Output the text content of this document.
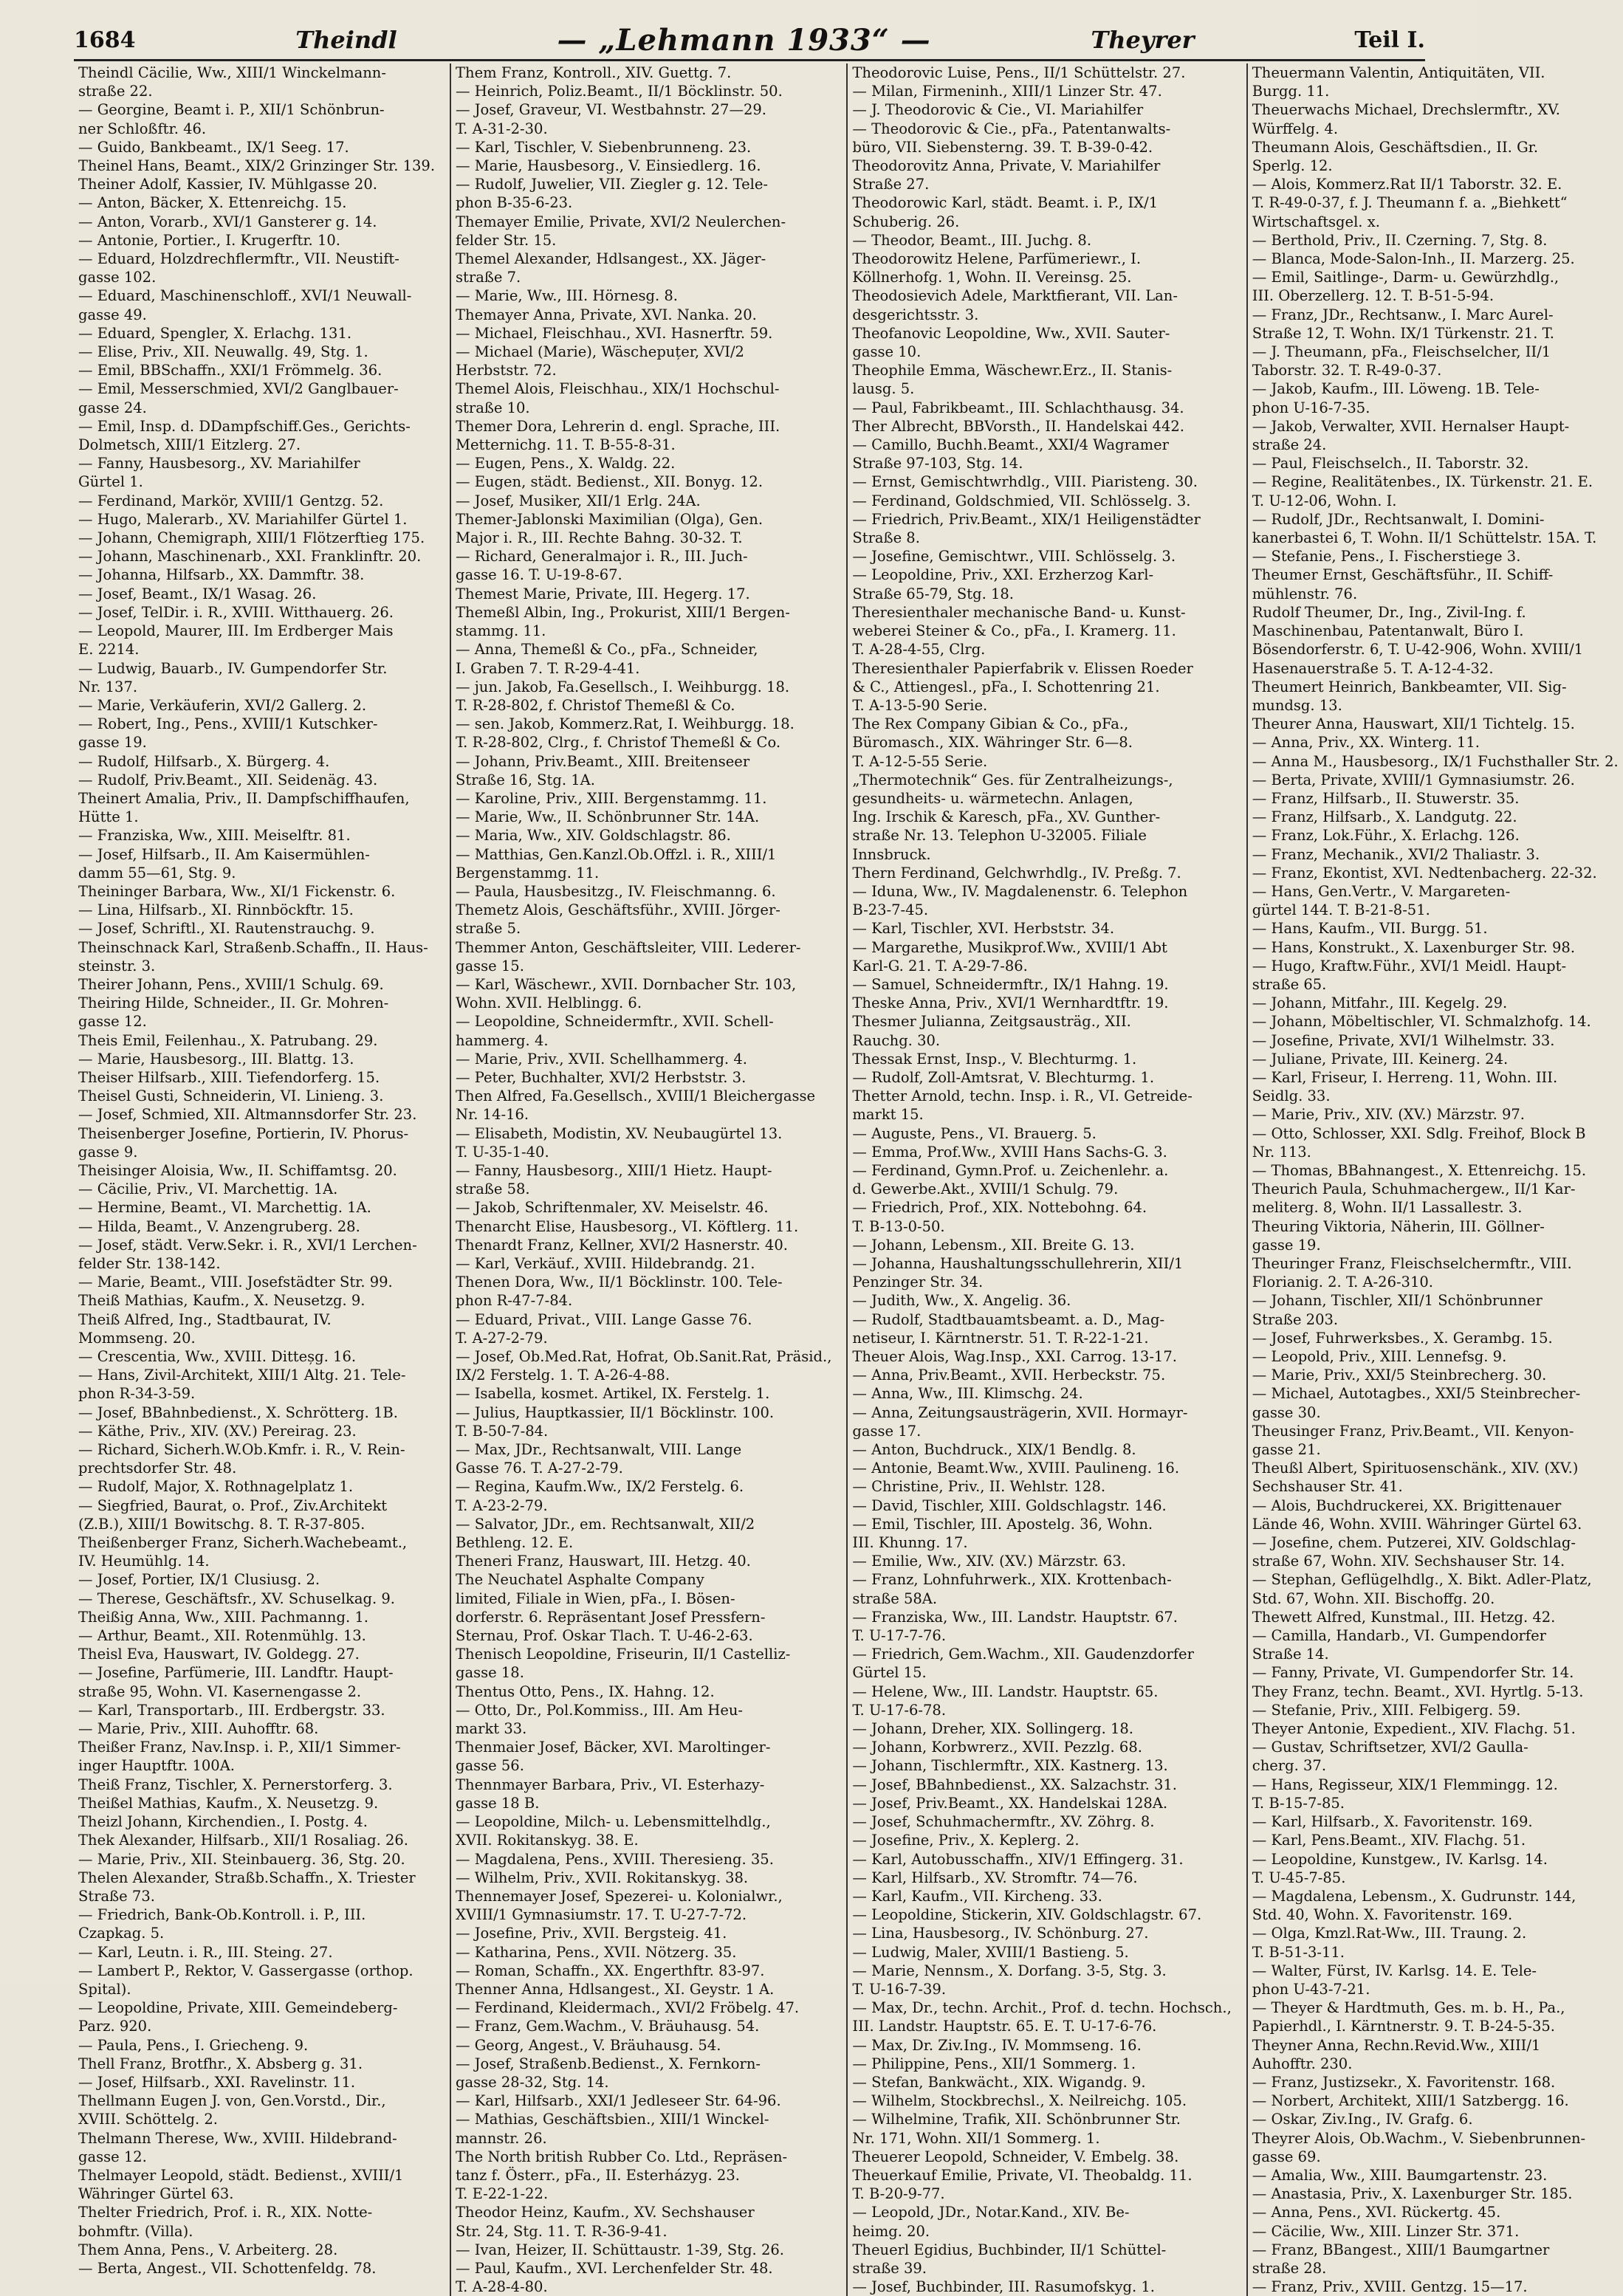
1684	Theindl	— „Lehmann 1933“ —	Theyrer	Teil I.
Theindl Cäcilie, Ww., XIII/1 Winckelmann-
straße 22.
— Georgine, Beamt i. P., XII/1 Schönbrun-
ner Schloßftr. 46.
— Guido, Bankbeamt., IX/1 Seeg. 17.
Theinel Hans, Beamt., XIX/2 Grinzinger Str. 139.
Theiner Adolf, Kassier, IV. Mühlgasse 20.
— Anton, Bäcker, X. Ettenreichg. 15.
— Anton, Vorarb., XVI/1 Gansterer g. 14.
— Antonie, Portier., I. Krugerftr. 10.
— Eduard, Holzdrechflermftr., VII. Neustift-
gasse 102.
— Eduard, Maschinenschloff., XVI/1 Neuwall-
gasse 49.
— Eduard, Spengler, X. Erlachg. 131.
— Elise, Priv., XII. Neuwallg. 49, Stg. 1.
— Emil, BBSchaffn., XXI/1 Frömmelg. 36.
— Emil, Messerschmied, XVI/2 Ganglbauer-
gasse 24.
— Emil, Insp. d. DDampfschiff.Ges., Gerichts-
Dolmetsch, XIII/1 Eitzlerg. 27.
— Fanny, Hausbesorg., XV. Mariahilfer
Gürtel 1.
— Ferdinand, Markör, XVIII/1 Gentzg. 52.
— Hugo, Malerarb., XV. Mariahilfer Gürtel 1.
— Johann, Chemigraph, XIII/1 Flötzerftieg 175.
— Johann, Maschinenarb., XXI. Franklinftr. 20.
— Johanna, Hilfsarb., XX. Dammftr. 38.
— Josef, Beamt., IX/1 Wasag. 26.
— Josef, TelDir. i. R., XVIII. Witthauerg. 26.
— Leopold, Maurer, III. Im Erdberger Mais
E. 2214.
— Ludwig, Bauarb., IV. Gumpendorfer Str.
Nr. 137.
— Marie, Verkäuferin, XVI/2 Gallerg. 2.
— Robert, Ing., Pens., XVIII/1 Kutschker-
gasse 19.
— Rudolf, Hilfsarb., X. Bürgerg. 4.
— Rudolf, Priv.Beamt., XII. Seidenäg. 43.
Theinert Amalia, Priv., II. Dampfschiffhaufen,
Hütte 1.
— Franziska, Ww., XIII. Meiselftr. 81.
— Josef, Hilfsarb., II. Am Kaisermühlen-
damm 55—61, Stg. 9.
Theininger Barbara, Ww., XI/1 Fickenstr. 6.
— Lina, Hilfsarb., XI. Rinnböckftr. 15.
— Josef, Schriftl., XI. Rautenstrauchg. 9.
Theinschnack Karl, Straßenb.Schaffn., II. Haus-
steinstr. 3.
Theirer Johann, Pens., XVIII/1 Schulg. 69.
Theiring Hilde, Schneider., II. Gr. Mohren-
gasse 12.
Theis Emil, Feilenhau., X. Patrubang. 29.
— Marie, Hausbesorg., III. Blattg. 13.
Theiser Hilfsarb., XIII. Tiefendorferg. 15.
Theisel Gusti, Schneiderin, VI. Linieng. 3.
— Josef, Schmied, XII. Altmannsdorfer Str. 23.
Theisenberger Josefine, Portierin, IV. Phorus-
gasse 9.
Theisinger Aloisia, Ww., II. Schiffamtsg. 20.
— Cäcilie, Priv., VI. Marchettig. 1A.
— Hermine, Beamt., VI. Marchettig. 1A.
— Hilda, Beamt., V. Anzengruberg. 28.
— Josef, städt. Verw.Sekr. i. R., XVI/1 Lerchen-
felder Str. 138-142.
— Marie, Beamt., VIII. Josefstädter Str. 99.
Theiß Mathias, Kaufm., X. Neusetzg. 9.
Theiß Alfred, Ing., Stadtbaurat, IV.
Mommseng. 20.
— Crescentia, Ww., XVIII. Ditteșg. 16.
— Hans, Zivil-Architekt, XIII/1 Altg. 21. Tele-
phon R-34-3-59.
— Josef, BBahnbedienst., X. Schrötterg. 1B.
— Käthe, Priv., XIV. (XV.) Pereirag. 23.
— Richard, Sicherh.W.Ob.Kmfr. i. R., V. Rein-
prechtsdorfer Str. 48.
— Rudolf, Major, X. Rothnagelplatz 1.
— Siegfried, Baurat, o. Prof., Ziv.Architekt
(Z.B.), XIII/1 Bowitschg. 8. T. R-37-805.
Theißenberger Franz, Sicherh.Wachebeamt.,
IV. Heumühlg. 14.
— Josef, Portier, IX/1 Clusiusg. 2.
— Therese, Geschäftsfr., XV. Schuselkag. 9.
Theißig Anna, Ww., XIII. Pachmanng. 1.
— Arthur, Beamt., XII. Rotenmühlg. 13.
Theisl Eva, Hauswart, IV. Goldegg. 27.
— Josefine, Parfümerie, III. Landftr. Haupt-
straße 95, Wohn. VI. Kasernengasse 2.
— Karl, Transportarb., III. Erdbergstr. 33.
— Marie, Priv., XIII. Auhofftr. 68.
Theißer Franz, Nav.Insp. i. P., XII/1 Simmer-
inger Hauptftr. 100A.
Theiß Franz, Tischler, X. Pernerstorferg. 3.
Theißel Mathias, Kaufm., X. Neusetzg. 9.
Theizl Johann, Kirchendien., I. Postg. 4.
Thek Alexander, Hilfsarb., XII/1 Rosaliag. 26.
— Marie, Priv., XII. Steinbauerg. 36, Stg. 20.
Thelen Alexander, Straßb.Schaffn., X. Triester
Straße 73.
— Friedrich, Bank-Ob.Kontroll. i. P., III.
Czapkag. 5.
— Karl, Leutn. i. R., III. Steing. 27.
— Lambert P., Rektor, V. Gassergasse (orthop.
Spital).
— Leopoldine, Private, XIII. Gemeindeberg-
Parz. 920.
— Paula, Pens., I. Griecheng. 9.
Thell Franz, Brotfhr., X. Absberg g. 31.
— Josef, Hilfsarb., XXI. Ravelinstr. 11.
Thellmann Eugen J. von, Gen.Vorstd., Dir.,
XVIII. Schöttelg. 2.
Thelmann Therese, Ww., XVIII. Hildebrand-
gasse 12.
Thelmayer Leopold, städt. Bedienst., XVIII/1
Währinger Gürtel 63.
Thelter Friedrich, Prof. i. R., XIX. Notte-
bohmftr. (Villa).
Them Anna, Pens., V. Arbeiterg. 28.
— Berta, Angest., VII. Schottenfeldg. 78.
Them Franz, Kontroll., XIV. Guettg. 7.
— Heinrich, Poliz.Beamt., II/1 Böcklinstr. 50.
— Josef, Graveur, VI. Westbahnstr. 27—29.
T. A-31-2-30.
— Karl, Tischler, V. Siebenbrunneng. 23.
— Marie, Hausbesorg., V. Einsiedlerg. 16.
— Rudolf, Juwelier, VII. Ziegler g. 12. Tele-
phon B-35-6-23.
Themayer Emilie, Private, XVI/2 Neulerchen-
felder Str. 15.
Themel Alexander, Hdlsangest., XX. Jäger-
straße 7.
— Marie, Ww., III. Hörnesg. 8.
Themayer Anna, Private, XVI. Nanka. 20.
— Michael, Fleischhau., XVI. Hasnerftr. 59.
— Michael (Marie), Wäschepuțer, XVI/2
Herbststr. 72.
Themel Alois, Fleischhau., XIX/1 Hochschul-
straße 10.
Themer Dora, Lehrerin d. engl. Sprache, III.
Metternichg. 11. T. B-55-8-31.
— Eugen, Pens., X. Waldg. 22.
— Eugen, städt. Bedienst., XII. Bonyg. 12.
— Josef, Musiker, XII/1 Erlg. 24A.
Themer-Jablonski Maximilian (Olga), Gen.
Major i. R., III. Rechte Bahng. 30-32. T.
— Richard, Generalmajor i. R., III. Juch-
gasse 16. T. U-19-8-67.
Themest Marie, Private, III. Hegerg. 17.
Themeßl Albin, Ing., Prokurist, XIII/1 Bergen-
stammg. 11.
— Anna, Themeßl & Co., pFa., Schneider,
I. Graben 7. T. R-29-4-41.
— jun. Jakob, Fa.Gesellsch., I. Weihburgg. 18.
T. R-28-802, f. Christof Themeßl & Co.
— sen. Jakob, Kommerz.Rat, I. Weihburgg. 18.
T. R-28-802, Clrg., f. Christof Themeßl & Co.
— Johann, Priv.Beamt., XIII. Breitenseer
Straße 16, Stg. 1A.
— Karoline, Priv., XIII. Bergenstammg. 11.
— Marie, Ww., II. Schönbrunner Str. 14A.
— Maria, Ww., XIV. Goldschlagstr. 86.
— Matthias, Gen.Kanzl.Ob.Offzl. i. R., XIII/1
Bergenstammg. 11.
— Paula, Hausbesitzg., IV. Fleischmanng. 6.
Themetz Alois, Geschäftsführ., XVIII. Jörger-
straße 5.
Themmer Anton, Geschäftsleiter, VIII. Lederer-
gasse 15.
— Karl, Wäschewr., XVII. Dornbacher Str. 103,
Wohn. XVII. Helblingg. 6.
— Leopoldine, Schneidermftr., XVII. Schell-
hammerg. 4.
— Marie, Priv., XVII. Schellhammerg. 4.
— Peter, Buchhalter, XVI/2 Herbststr. 3.
Then Alfred, Fa.Gesellsch., XVIII/1 Bleichergasse
Nr. 14-16.
— Elisabeth, Modistin, XV. Neubaugürtel 13.
T. U-35-1-40.
— Fanny, Hausbesorg., XIII/1 Hietz. Haupt-
straße 58.
— Jakob, Schriftenmaler, XV. Meiselstr. 46.
Thenarcht Elise, Hausbesorg., VI. Köftlerg. 11.
Thenardt Franz, Kellner, XVI/2 Hasnerstr. 40.
— Karl, Verkäuf., XVIII. Hildebrandg. 21.
Thenen Dora, Ww., II/1 Böcklinstr. 100. Tele-
phon R-47-7-84.
— Eduard, Privat., VIII. Lange Gasse 76.
T. A-27-2-79.
— Josef, Ob.Med.Rat, Hofrat, Ob.Sanit.Rat, Präsid.,
IX/2 Ferstelg. 1. T. A-26-4-88.
— Isabella, kosmet. Artikel, IX. Ferstelg. 1.
— Julius, Hauptkassier, II/1 Böcklinstr. 100.
T. B-50-7-84.
— Max, JDr., Rechtsanwalt, VIII. Lange
Gasse 76. T. A-27-2-79.
— Regina, Kaufm.Ww., IX/2 Ferstelg. 6.
T. A-23-2-79.
— Salvator, JDr., em. Rechtsanwalt, XII/2
Bethleng. 12. E.
Theneri Franz, Hauswart, III. Hetzg. 40.
The Neuchatel Asphalte Company
limited, Filiale in Wien, pFa., I. Bösen-
dorferstr. 6. Repräsentant Josef Pressfern-
Sternau, Prof. Oskar Tlach. T. U-46-2-63.
Thenisch Leopoldine, Friseurin, II/1 Castelliz-
gasse 18.
Thentus Otto, Pens., IX. Hahng. 12.
— Otto, Dr., Pol.Kommiss., III. Am Heu-
markt 33.
Thenmaier Josef, Bäcker, XVI. Maroltinger-
gasse 56.
Thennmayer Barbara, Priv., VI. Esterhazy-
gasse 18 B.
— Leopoldine, Milch- u. Lebensmittelhdlg.,
XVII. Rokitanskyg. 38. E.
— Magdalena, Pens., XVIII. Theresieng. 35.
— Wilhelm, Priv., XVII. Rokitanskyg. 38.
Thennemayer Josef, Spezerei- u. Kolonialwr.,
XVIII/1 Gymnasiumstr. 17. T. U-27-7-72.
— Josefine, Priv., XVII. Bergsteig. 41.
— Katharina, Pens., XVII. Nötzerg. 35.
— Roman, Schaffn., XX. Engerthftr. 83-97.
Thenner Anna, Hdlsangest., XI. Geystr. 1 A.
— Ferdinand, Kleidermach., XVI/2 Fröbelg. 47.
— Franz, Gem.Wachm., V. Bräuhausg. 54.
— Georg, Angest., V. Bräuhausg. 54.
— Josef, Straßenb.Bedienst., X. Fernkorn-
gasse 28-32, Stg. 14.
— Karl, Hilfsarb., XXI/1 Jedleseer Str. 64-96.
— Mathias, Geschäftsbien., XIII/1 Winckel-
mannstr. 26.
The North british Rubber Co. Ltd., Repräsen-
tanz f. Österr., pFa., II. Esterházyg. 23.
T. E-22-1-22.
Theodor Heinz, Kaufm., XV. Sechshauser
Str. 24, Stg. 11. T. R-36-9-41.
— Ivan, Heizer, II. Schüttaustr. 1-39, Stg. 26.
— Paul, Kaufm., XVI. Lerchenfelder Str. 48.
T. A-28-4-80.
Theodorovic Luise, Pens., II/1 Schüttelstr. 27.
— Milan, Firmeninh., XIII/1 Linzer Str. 47.
— J. Theodorovic & Cie., VI. Mariahilfer
— Theodorovic & Cie., pFa., Patentanwalts-
büro, VII. Siebensterng. 39. T. B-39-0-42.
Theodorovitz Anna, Private, V. Mariahilfer
Straße 27.
Theodorowic Karl, städt. Beamt. i. P., IX/1
Schuberig. 26.
— Theodor, Beamt., III. Juchg. 8.
Theodorowitz Helene, Parfümeriewr., I.
Köllnerhofg. 1, Wohn. II. Vereinsg. 25.
Theodosievich Adele, Marktfierant, VII. Lan-
desgerichtsstr. 3.
Theofanovic Leopoldine, Ww., XVII. Sauter-
gasse 10.
Theophile Emma, Wäschewr.Erz., II. Stanis-
lausg. 5.
— Paul, Fabrikbeamt., III. Schlachthausg. 34.
Ther Albrecht, BBVorsth., II. Handelskai 442.
— Camillo, Buchh.Beamt., XXI/4 Wagramer
Straße 97-103, Stg. 14.
— Ernst, Gemischtwrhdlg., VIII. Piaristeng. 30.
— Ferdinand, Goldschmied, VII. Schlösselg. 3.
— Friedrich, Priv.Beamt., XIX/1 Heiligenstädter
Straße 8.
— Josefine, Gemischtwr., VIII. Schlösselg. 3.
— Leopoldine, Priv., XXI. Erzherzog Karl-
Straße 65-79, Stg. 18.
Theresienthaler mechanische Band- u. Kunst-
weberei Steiner & Co., pFa., I. Kramerg. 11.
T. A-28-4-55, Clrg.
Theresienthaler Papierfabrik v. Elissen Roeder
& C., Attiengesl., pFa., I. Schottenring 21.
T. A-13-5-90 Serie.
The Rex Company Gibian & Co., pFa.,
Büromasch., XIX. Währinger Str. 6—8.
T. A-12-5-55 Serie.
„Thermotechnik“ Ges. für Zentralheizungs-,
gesundheits- u. wärmetechn. Anlagen,
Ing. Irschik & Karesch, pFa., XV. Gunther-
straße Nr. 13. Telephon U-32005. Filiale
Innsbruck.
Thern Ferdinand, Gelchwrhdlg., IV. Preßg. 7.
— Iduna, Ww., IV. Magdalenenstr. 6. Telephon
B-23-7-45.
— Karl, Tischler, XVI. Herbststr. 34.
— Margarethe, Musikprof.Ww., XVIII/1 Abt
Karl-G. 21. T. A-29-7-86.
— Samuel, Schneidermftr., IX/1 Hahng. 19.
Theske Anna, Priv., XVI/1 Wernhardtftr. 19.
Thesmer Julianna, Zeitgsausträg., XII.
Rauchg. 30.
Thessak Ernst, Insp., V. Blechturmg. 1.
— Rudolf, Zoll-Amtsrat, V. Blechturmg. 1.
Thetter Arnold, techn. Insp. i. R., VI. Getreide-
markt 15.
— Auguste, Pens., VI. Brauerg. 5.
— Emma, Prof.Ww., XVIII Hans Sachs-G. 3.
— Ferdinand, Gymn.Prof. u. Zeichenlehr. a.
d. Gewerbe.Akt., XVIII/1 Schulg. 79.
— Friedrich, Prof., XIX. Nottebohng. 64.
T. B-13-0-50.
— Johann, Lebensm., XII. Breite G. 13.
— Johanna, Haushaltungsschullehrerin, XII/1
Penzinger Str. 34.
— Judith, Ww., X. Angelig. 36.
— Rudolf, Stadtbauamtsbeamt. a. D., Mag-
netiseur, I. Kärntnerstr. 51. T. R-22-1-21.
Theuer Alois, Wag.Insp., XXI. Carrog. 13-17.
— Anna, Priv.Beamt., XVII. Herbeckstr. 75.
— Anna, Ww., III. Klimschg. 24.
— Anna, Zeitungsausträgerin, XVII. Hormayr-
gasse 17.
— Anton, Buchdruck., XIX/1 Bendlg. 8.
— Antonie, Beamt.Ww., XVIII. Paulineng. 16.
— Christine, Priv., II. Wehlstr. 128.
— David, Tischler, XIII. Goldschlagstr. 146.
— Emil, Tischler, III. Apostelg. 36, Wohn.
III. Khunng. 17.
— Emilie, Ww., XIV. (XV.) Märzstr. 63.
— Franz, Lohnfuhrwerk., XIX. Krottenbach-
straße 58A.
— Franziska, Ww., III. Landstr. Hauptstr. 67.
T. U-17-7-76.
— Friedrich, Gem.Wachm., XII. Gaudenzdorfer
Gürtel 15.
— Helene, Ww., III. Landstr. Hauptstr. 65.
T. U-17-6-78.
— Johann, Dreher, XIX. Sollingerg. 18.
— Johann, Korbwrerz., XVII. Pezzlg. 68.
— Johann, Tischlermftr., XIX. Kastnerg. 13.
— Josef, BBahnbedienst., XX. Salzachstr. 31.
— Josef, Priv.Beamt., XX. Handelskai 128A.
— Josef, Schuhmachermftr., XV. Zöhrg. 8.
— Josefine, Priv., X. Keplerg. 2.
— Karl, Autobusschaffn., XIV/1 Effingerg. 31.
— Karl, Hilfsarb., XV. Stromftr. 74—76.
— Karl, Kaufm., VII. Kircheng. 33.
— Leopoldine, Stickerin, XIV. Goldschlagstr. 67.
— Lina, Hausbesorg., IV. Schönburg. 27.
— Ludwig, Maler, XVIII/1 Bastieng. 5.
— Marie, Nennsm., X. Dorfang. 3-5, Stg. 3.
T. U-16-7-39.
— Max, Dr., techn. Archit., Prof. d. techn. Hochsch.,
III. Landstr. Hauptstr. 65. E. T. U-17-6-76.
— Max, Dr. Ziv.Ing., IV. Mommseng. 16.
— Philippine, Pens., XII/1 Sommerg. 1.
— Stefan, Bankwächt., XIX. Wigandg. 9.
— Wilhelm, Stockbrechsl., X. Neilreichg. 105.
— Wilhelmine, Trafik, XII. Schönbrunner Str.
Nr. 171, Wohn. XII/1 Sommerg. 1.
Theuerer Leopold, Schneider, V. Embelg. 38.
Theuerkauf Emilie, Private, VI. Theobaldg. 11.
T. B-20-9-77.
— Leopold, JDr., Notar.Kand., XIV. Be-
heimg. 20.
Theuerl Egidius, Buchbinder, II/1 Schüttel-
straße 39.
— Josef, Buchbinder, III. Rasumofskyg. 1.
Theuermann Valentin, Antiquitäten, VII.
Burgg. 11.
Theuerwachs Michael, Drechslermftr., XV.
Würffelg. 4.
Theumann Alois, Geschäftsdien., II. Gr.
Sperlg. 12.
— Alois, Kommerz.Rat II/1 Taborstr. 32. E.
T. R-49-0-37, f. J. Theumann f. a. „Biehkett“
Wirtschaftsgel. x.
— Berthold, Priv., II. Czerning. 7, Stg. 8.
— Blanca, Mode-Salon-Inh., II. Marzerg. 25.
— Emil, Saitlinge-, Darm- u. Gewürzhdlg.,
III. Oberzellerg. 12. T. B-51-5-94.
— Franz, JDr., Rechtsanw., I. Marc Aurel-
Straße 12, T. Wohn. IX/1 Türkenstr. 21. T.
— J. Theumann, pFa., Fleischselcher, II/1
Taborstr. 32. T. R-49-0-37.
— Jakob, Kaufm., III. Löweng. 1B. Tele-
phon U-16-7-35.
— Jakob, Verwalter, XVII. Hernalser Haupt-
straße 24.
— Paul, Fleischselch., II. Taborstr. 32.
— Regine, Realitätenbes., IX. Türkenstr. 21. E.
T. U-12-06, Wohn. I.
— Rudolf, JDr., Rechtsanwalt, I. Domini-
kanerbastei 6, T. Wohn. II/1 Schüttelstr. 15A. T.
— Stefanie, Pens., I. Fischerstiege 3.
Theumer Ernst, Geschäftsführ., II. Schiff-
mühlenstr. 76.
Rudolf Theumer, Dr., Ing., Zivil-Ing. f.
Maschinenbau, Patentanwalt, Büro I.
Bösendorferstr. 6, T. U-42-906, Wohn. XVIII/1
Hasenauerstraße 5. T. A-12-4-32.
Theumert Heinrich, Bankbeamter, VII. Sig-
mundsg. 13.
Theurer Anna, Hauswart, XII/1 Tichtelg. 15.
— Anna, Priv., XX. Winterg. 11.
— Anna M., Hausbesorg., IX/1 Fuchsthaller Str. 2.
— Berta, Private, XVIII/1 Gymnasiumstr. 26.
— Franz, Hilfsarb., II. Stuwerstr. 35.
— Franz, Hilfsarb., X. Landgutg. 22.
— Franz, Lok.Führ., X. Erlachg. 126.
— Franz, Mechanik., XVI/2 Thaliastr. 3.
— Franz, Ekontist, XVI. Nedtenbacherg. 22-32.
— Hans, Gen.Vertr., V. Margareten-
gürtel 144. T. B-21-8-51.
— Hans, Kaufm., VII. Burgg. 51.
— Hans, Konstrukt., X. Laxenburger Str. 98.
— Hugo, Kraftw.Führ., XVI/1 Meidl. Haupt-
straße 65.
— Johann, Mitfahr., III. Kegelg. 29.
— Johann, Möbeltischler, VI. Schmalzhofg. 14.
— Josefine, Private, XVI/1 Wilhelmstr. 33.
— Juliane, Private, III. Keinerg. 24.
— Karl, Friseur, I. Herreng. 11, Wohn. III.
Seidlg. 33.
— Marie, Priv., XIV. (XV.) Märzstr. 97.
— Otto, Schlosser, XXI. Sdlg. Freihof, Block B
Nr. 113.
— Thomas, BBahnangest., X. Ettenreichg. 15.
Theurich Paula, Schuhmachergew., II/1 Kar-
meliterg. 8, Wohn. II/1 Lassallestr. 3.
Theuring Viktoria, Näherin, III. Göllner-
gasse 19.
Theuringer Franz, Fleischselchermftr., VIII.
Florianig. 2. T. A-26-310.
— Johann, Tischler, XII/1 Schönbrunner
Straße 203.
— Josef, Fuhrwerksbes., X. Gerambg. 15.
— Leopold, Priv., XIII. Lennefsg. 9.
— Marie, Priv., XXI/5 Steinbrecherg. 30.
— Michael, Autotagbes., XXI/5 Steinbrecher-
gasse 30.
Theusinger Franz, Priv.Beamt., VII. Kenyon-
gasse 21.
Theußl Albert, Spirituosenschänk., XIV. (XV.)
Sechshauser Str. 41.
— Alois, Buchdruckerei, XX. Brigittenauer
Lände 46, Wohn. XVIII. Währinger Gürtel 63.
— Josefine, chem. Putzerei, XIV. Goldschlag-
straße 67, Wohn. XIV. Sechshauser Str. 14.
— Stephan, Geflügelhdlg., X. Bikt. Adler-Platz,
Std. 67, Wohn. XII. Bischoffg. 20.
Thewett Alfred, Kunstmal., III. Hetzg. 42.
— Camilla, Handarb., VI. Gumpendorfer
Straße 14.
— Fanny, Private, VI. Gumpendorfer Str. 14.
They Franz, techn. Beamt., XVI. Hyrtlg. 5-13.
— Stefanie, Priv., XIII. Felbigerg. 59.
Theyer Antonie, Expedient., XIV. Flachg. 51.
— Gustav, Schriftsetzer, XVI/2 Gaulla-
cherg. 37.
— Hans, Regisseur, XIX/1 Flemmingg. 12.
T. B-15-7-85.
— Karl, Hilfsarb., X. Favoritenstr. 169.
— Karl, Pens.Beamt., XIV. Flachg. 51.
— Leopoldine, Kunstgew., IV. Karlsg. 14.
T. U-45-7-85.
— Magdalena, Lebensm., X. Gudrunstr. 144,
Std. 40, Wohn. X. Favoritenstr. 169.
— Olga, Kmzl.Rat-Ww., III. Traung. 2.
T. B-51-3-11.
— Walter, Fürst, IV. Karlsg. 14. E. Tele-
phon U-43-7-21.
— Theyer & Hardtmuth, Ges. m. b. H., Pa.,
Papierhdl., I. Kärntnerstr. 9. T. B-24-5-35.
Theyner Anna, Rechn.Revid.Ww., XIII/1
Auhofftr. 230.
— Franz, Justizsekr., X. Favoritenstr. 168.
— Norbert, Architekt, XIII/1 Satzbergg. 16.
— Oskar, Ziv.Ing., IV. Grafg. 6.
Theyrer Alois, Ob.Wachm., V. Siebenbrunnen-
gasse 69.
— Amalia, Ww., XIII. Baumgartenstr. 23.
— Anastasia, Priv., X. Laxenburger Str. 185.
— Anna, Pens., XVI. Rückertg. 45.
— Cäcilie, Ww., XIII. Linzer Str. 371.
— Franz, BBangest., XIII/1 Baumgartner
straße 28.
— Franz, Priv., XVIII. Gentzg. 15—17.
